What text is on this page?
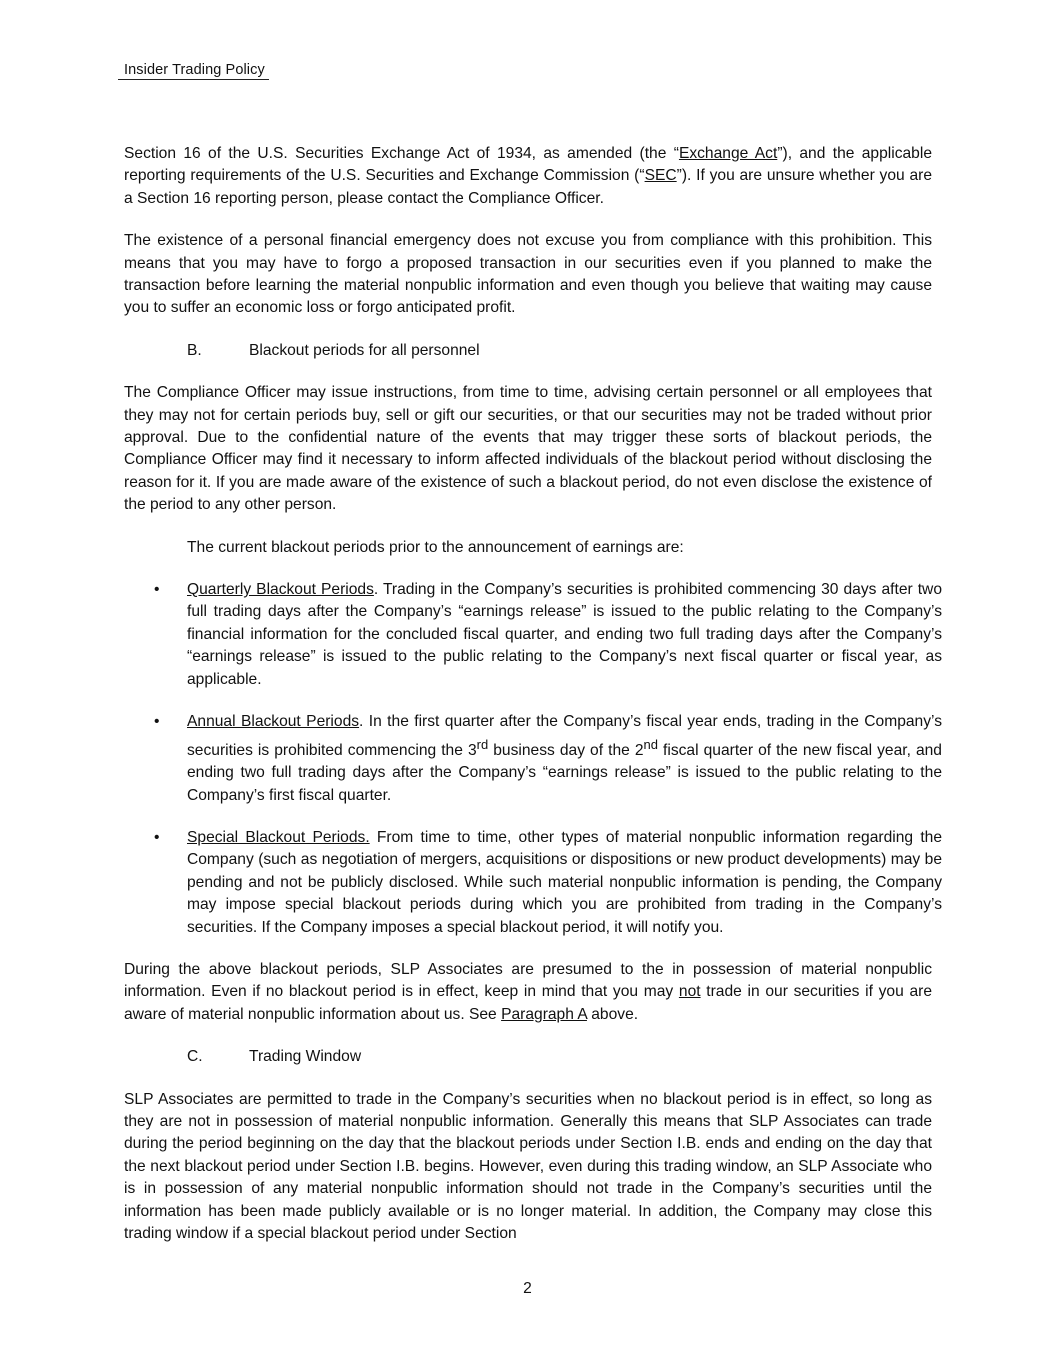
Insider Trading Policy

Section 16 of the U.S. Securities Exchange Act of 1934, as amended (the “Exchange Act”), and the applicable reporting requirements of the U.S. Securities and Exchange Commission (“SEC”). If you are unsure whether you are a Section 16 reporting person, please contact the Compliance Officer.

The existence of a personal financial emergency does not excuse you from compliance with this prohibition. This means that you may have to forgo a proposed transaction in our securities even if you planned to make the transaction before learning the material nonpublic information and even though you believe that waiting may cause you to suffer an economic loss or forgo anticipated profit.

B.	Blackout periods for all personnel

The Compliance Officer may issue instructions, from time to time, advising certain personnel or all employees that they may not for certain periods buy, sell or gift our securities, or that our securities may not be traded without prior approval. Due to the confidential nature of the events that may trigger these sorts of blackout periods, the Compliance Officer may find it necessary to inform affected individuals of the blackout period without disclosing the reason for it. If you are made aware of the existence of such a blackout period, do not even disclose the existence of the period to any other person.

The current blackout periods prior to the announcement of earnings are:

• Quarterly Blackout Periods. Trading in the Company’s securities is prohibited commencing 30 days after two full trading days after the Company’s “earnings release” is issued to the public relating to the Company’s financial information for the concluded fiscal quarter, and ending two full trading days after the Company’s “earnings release” is issued to the public relating to the Company’s next fiscal quarter or fiscal year, as applicable.
• Annual Blackout Periods. In the first quarter after the Company’s fiscal year ends, trading in the Company’s securities is prohibited commencing the 3rd business day of the 2nd fiscal quarter of the new fiscal year, and ending two full trading days after the Company’s “earnings release” is issued to the public relating to the Company’s first fiscal quarter.
• Special Blackout Periods. From time to time, other types of material nonpublic information regarding the Company (such as negotiation of mergers, acquisitions or dispositions or new product developments) may be pending and not be publicly disclosed. While such material nonpublic information is pending, the Company may impose special blackout periods during which you are prohibited from trading in the Company’s securities. If the Company imposes a special blackout period, it will notify you.

During the above blackout periods, SLP Associates are presumed to the in possession of material nonpublic information. Even if no blackout period is in effect, keep in mind that you may not trade in our securities if you are aware of material nonpublic information about us. See Paragraph A above.

C.	Trading Window

SLP Associates are permitted to trade in the Company’s securities when no blackout period is in effect, so long as they are not in possession of material nonpublic information. Generally this means that SLP Associates can trade during the period beginning on the day that the blackout periods under Section I.B. ends and ending on the day that the next blackout period under Section I.B. begins. However, even during this trading window, an SLP Associate who is in possession of any material nonpublic information should not trade in the Company’s securities until the information has been made publicly available or is no longer material. In addition, the Company may close this trading window if a special blackout period under Section

2
